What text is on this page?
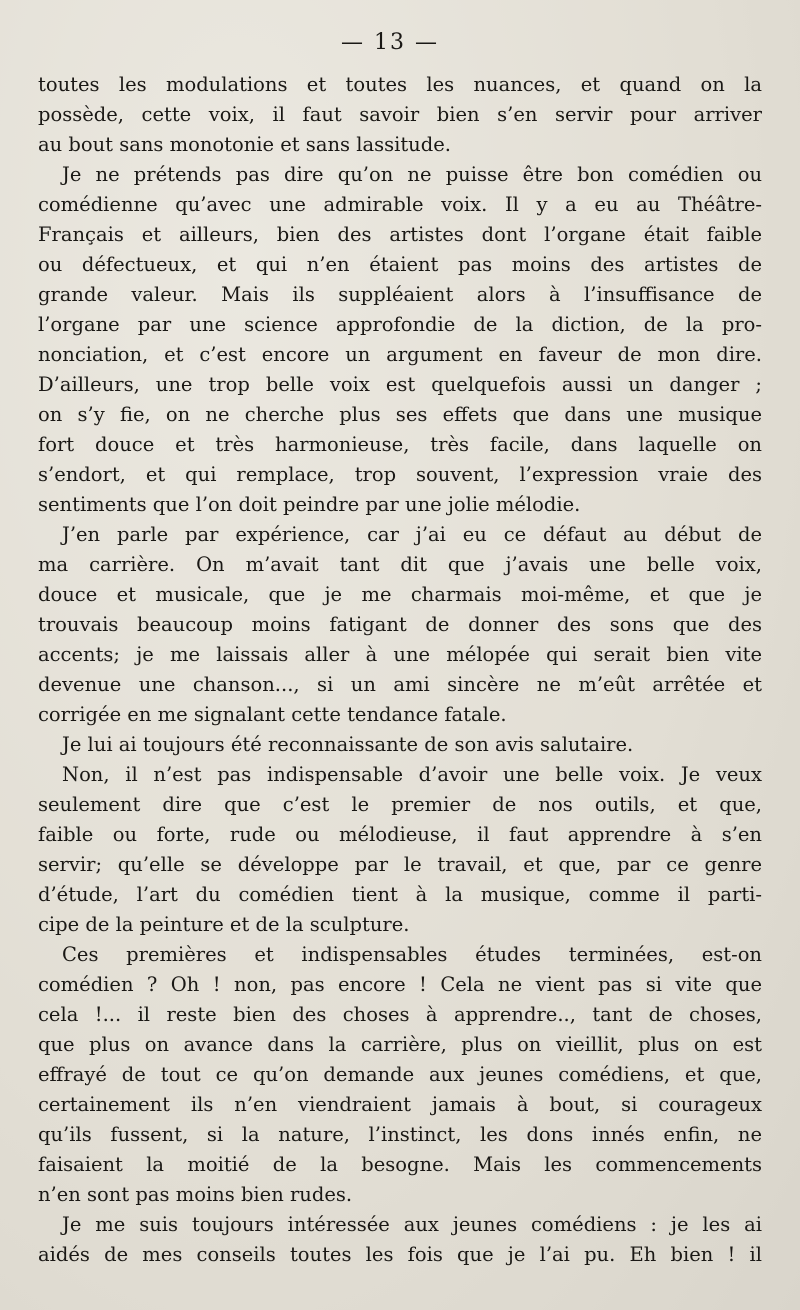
— 13 —
toutes les modulations et toutes les nuances, et quand on la
possède, cette voix, il faut savoir bien s’en servir pour arriver
au bout sans monotonie et sans lassitude.
Je ne prétends pas dire qu’on ne puisse être bon comédien ou
comédienne qu’avec une admirable voix. Il y a eu au Théâtre-
Français et ailleurs, bien des artistes dont l’organe était faible
ou défectueux, et qui n’en étaient pas moins des artistes de
grande valeur. Mais ils suppléaient alors à l’insuffisance de
l’organe par une science approfondie de la diction, de la pro-
nonciation, et c’est encore un argument en faveur de mon dire.
D’ailleurs, une trop belle voix est quelquefois aussi un danger ;
on s’y fie, on ne cherche plus ses effets que dans une musique
fort douce et très harmonieuse, très facile, dans laquelle on
s’endort, et qui remplace, trop souvent, l’expression vraie des
sentiments que l’on doit peindre par une jolie mélodie.
J’en parle par expérience, car j’ai eu ce défaut au début de
ma carrière. On m’avait tant dit que j’avais une belle voix,
douce et musicale, que je me charmais moi-même, et que je
trouvais beaucoup moins fatigant de donner des sons que des
accents; je me laissais aller à une mélopée qui serait bien vite
devenue une chanson..., si un ami sincère ne m’eût arrêtée et
corrigée en me signalant cette tendance fatale.
Je lui ai toujours été reconnaissante de son avis salutaire.
Non, il n’est pas indispensable d’avoir une belle voix. Je veux
seulement dire que c’est le premier de nos outils, et que,
faible ou forte, rude ou mélodieuse, il faut apprendre à s’en
servir; qu’elle se développe par le travail, et que, par ce genre
d’étude, l’art du comédien tient à la musique, comme il parti-
cipe de la peinture et de la sculpture.
Ces premières et indispensables études terminées, est-on
comédien ? Oh ! non, pas encore ! Cela ne vient pas si vite que
cela !... il reste bien des choses à apprendre.., tant de choses,
que plus on avance dans la carrière, plus on vieillit, plus on est
effrayé de tout ce qu’on demande aux jeunes comédiens, et que,
certainement ils n’en viendraient jamais à bout, si courageux
qu’ils fussent, si la nature, l’instinct, les dons innés enfin, ne
faisaient la moitié de la besogne. Mais les commencements
n’en sont pas moins bien rudes.
Je me suis toujours intéressée aux jeunes comédiens : je les ai
aidés de mes conseils toutes les fois que je l’ai pu. Eh bien ! il
